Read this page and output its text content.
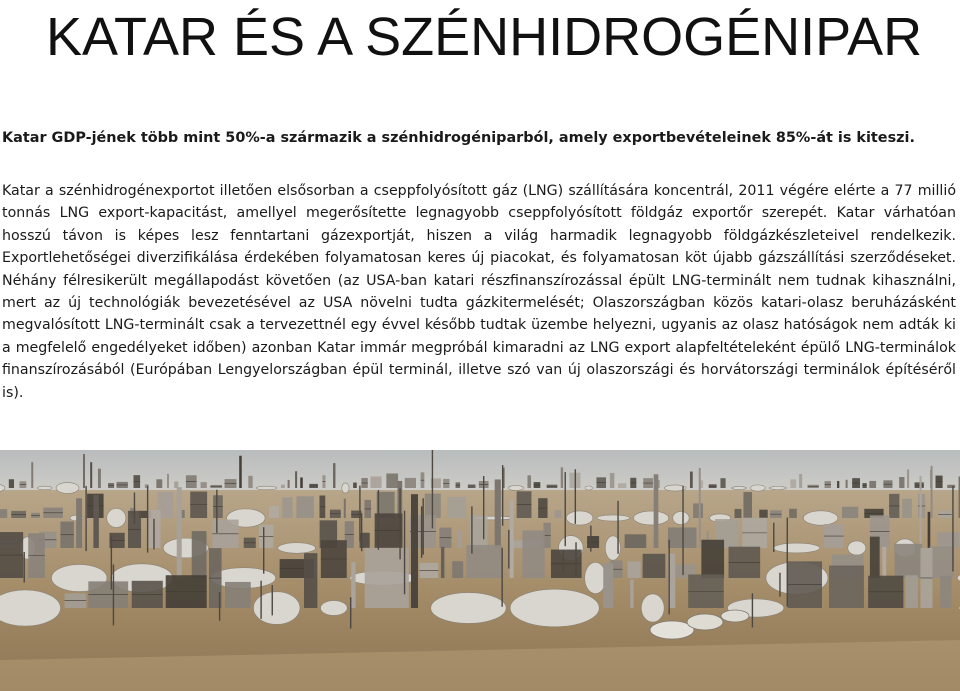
KATAR ÉS A SZÉNHIDROGÉNIPAR

Katar GDP-jének több mint 50%-a származik a szénhidrogéniparból, amely exportbevételeinek 85%-át is kiteszi.

Katar a szénhidrogénexportot illetően elsősorban a cseppfolyósított gáz (LNG) szállítására koncentrál, 2011 végére elérte a 77 millió tonnás LNG export-kapacitást, amellyel megerősítette legnagyobb cseppfolyósított földgáz exportőr szerepét. Katar várhatóan hosszú távon is képes lesz fenntartani gázexportját, hiszen a világ harmadik legnagyobb földgázkészleteivel rendelkezik. Exportlehetőségei diverzifikálása érdekében folyamatosan keres új piacokat, és folyamatosan köt újabb gázszállítási szerződéseket. Néhány félresikerült megállapodást követően (az USA-ban katari részfinanszírozással épült LNG-terminált nem tudnak kihasználni, mert az új technológiák bevezetésével az USA növelni tudta gázkitermelését; Olaszországban közös katari-olasz beruházásként megvalósított LNG-terminált csak a tervezettnél egy évvel később tudtak üzembe helyezni, ugyanis az olasz hatóságok nem adták ki a megfelelő engedélyeket időben) azonban Katar immár megpróbál kimaradni az LNG export alapfeltételeként épülő LNG-terminálok finanszírozásából (Európában Lengyelországban épül terminál, illetve szó van új olaszországi és horvátországi terminálok építéséről is).
